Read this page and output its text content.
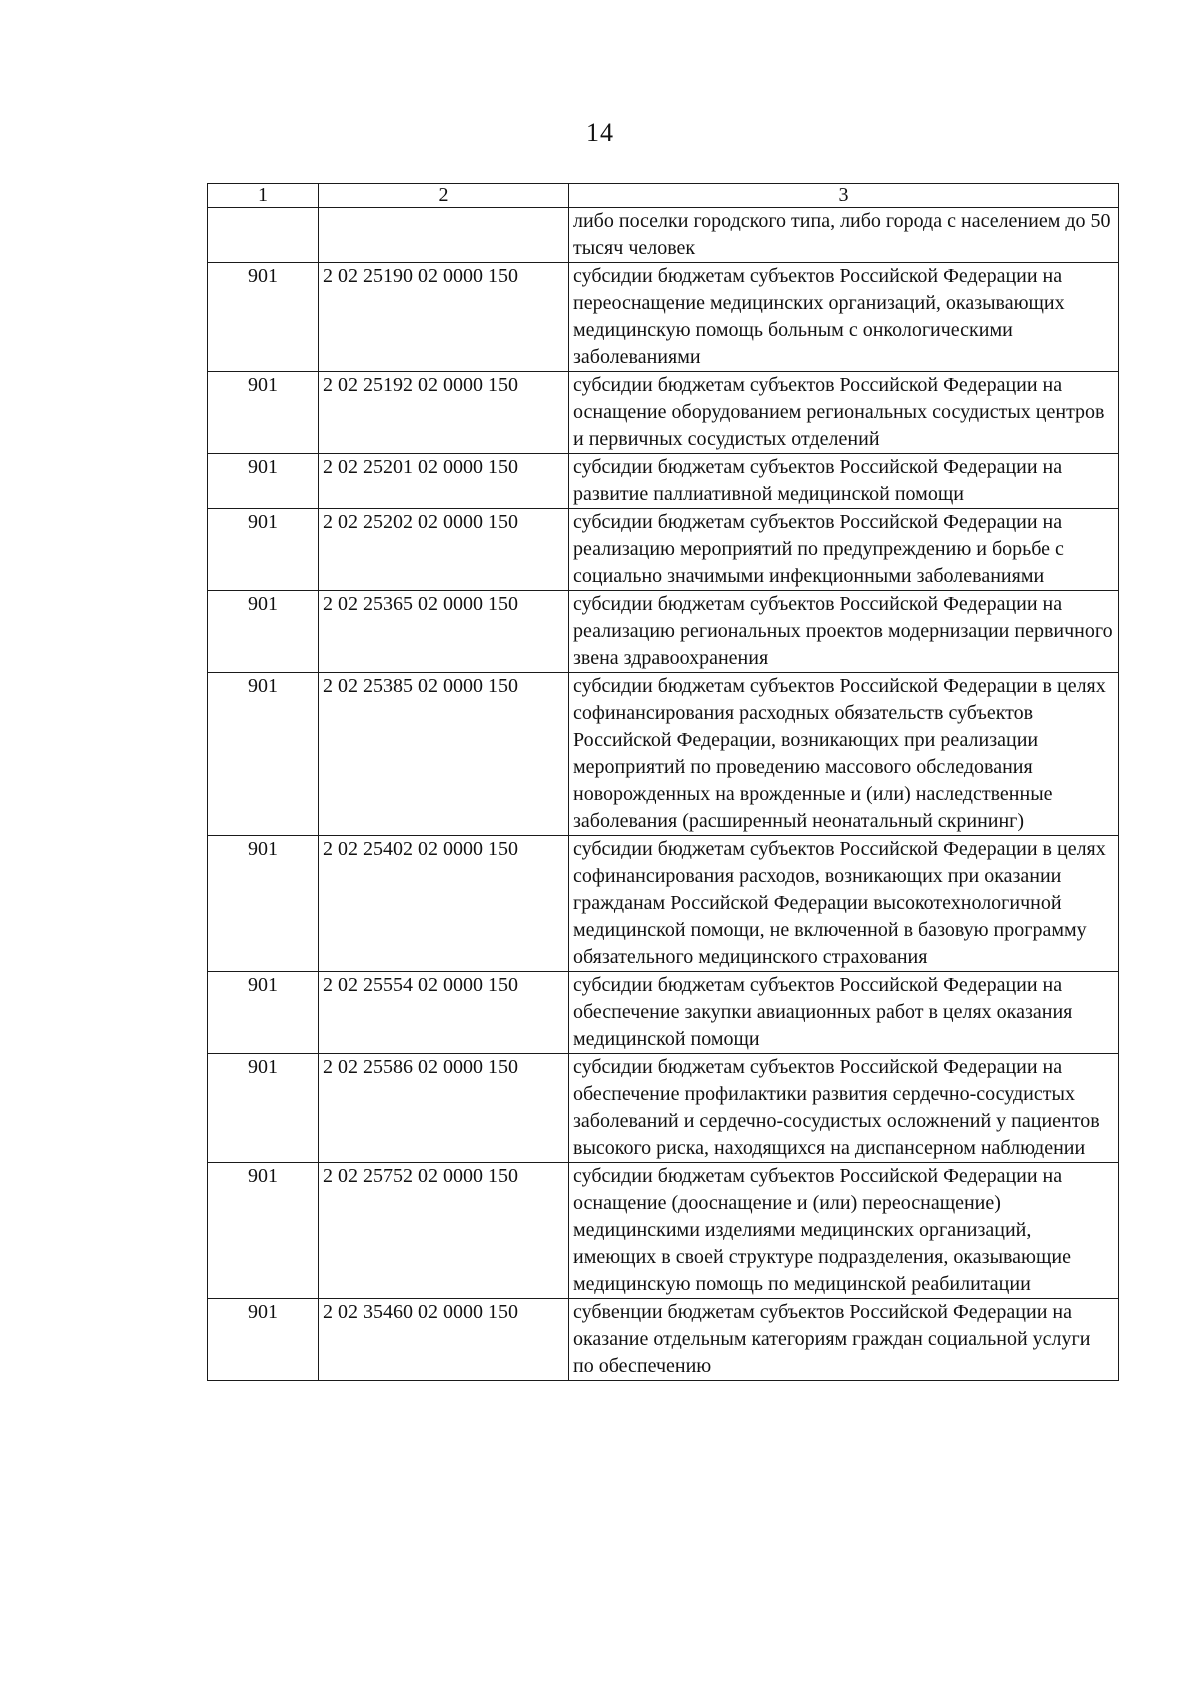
14
1	2	3
		либо поселки городского типа, либо города с населением до 50 тысяч человек
901	2 02 25190 02 0000 150	субсидии бюджетам субъектов Российской Федерации на переоснащение медицинских организаций, оказывающих медицинскую помощь больным с онкологическими заболеваниями
901	2 02 25192 02 0000 150	субсидии бюджетам субъектов Российской Федерации на оснащение оборудованием региональных сосудистых центров и первичных сосудистых отделений
901	2 02 25201 02 0000 150	субсидии бюджетам субъектов Российской Федерации на развитие паллиативной медицинской помощи
901	2 02 25202 02 0000 150	субсидии бюджетам субъектов Российской Федерации на реализацию мероприятий по предупреждению и борьбе с социально значимыми инфекционными заболеваниями
901	2 02 25365 02 0000 150	субсидии бюджетам субъектов Российской Федерации на реализацию региональных проектов модернизации первичного звена здравоохранения
901	2 02 25385 02 0000 150	субсидии бюджетам субъектов Российской Федерации в целях софинансирования расходных обязательств субъектов Российской Федерации, возникающих при реализации мероприятий по проведению массового обследования новорожденных на врожденные и (или) наследственные заболевания (расширенный неонатальный скрининг)
901	2 02 25402 02 0000 150	субсидии бюджетам субъектов Российской Федерации в целях софинансирования расходов, возникающих при оказании гражданам Российской Федерации высокотехнологичной медицинской помощи, не включенной в базовую программу обязательного медицинского страхования
901	2 02 25554 02 0000 150	субсидии бюджетам субъектов Российской Федерации на обеспечение закупки авиационных работ в целях оказания медицинской помощи
901	2 02 25586 02 0000 150	субсидии бюджетам субъектов Российской Федерации на обеспечение профилактики развития сердечно-сосудистых заболеваний и сердечно-сосудистых осложнений у пациентов высокого риска, находящихся на диспансерном наблюдении
901	2 02 25752 02 0000 150	субсидии бюджетам субъектов Российской Федерации на оснащение (дооснащение и (или) переоснащение) медицинскими изделиями медицинских организаций, имеющих в своей структуре подразделения, оказывающие медицинскую помощь по медицинской реабилитации
901	2 02 35460 02 0000 150	субвенции бюджетам субъектов Российской Федерации на оказание отдельным категориям граждан социальной услуги по обеспечению
